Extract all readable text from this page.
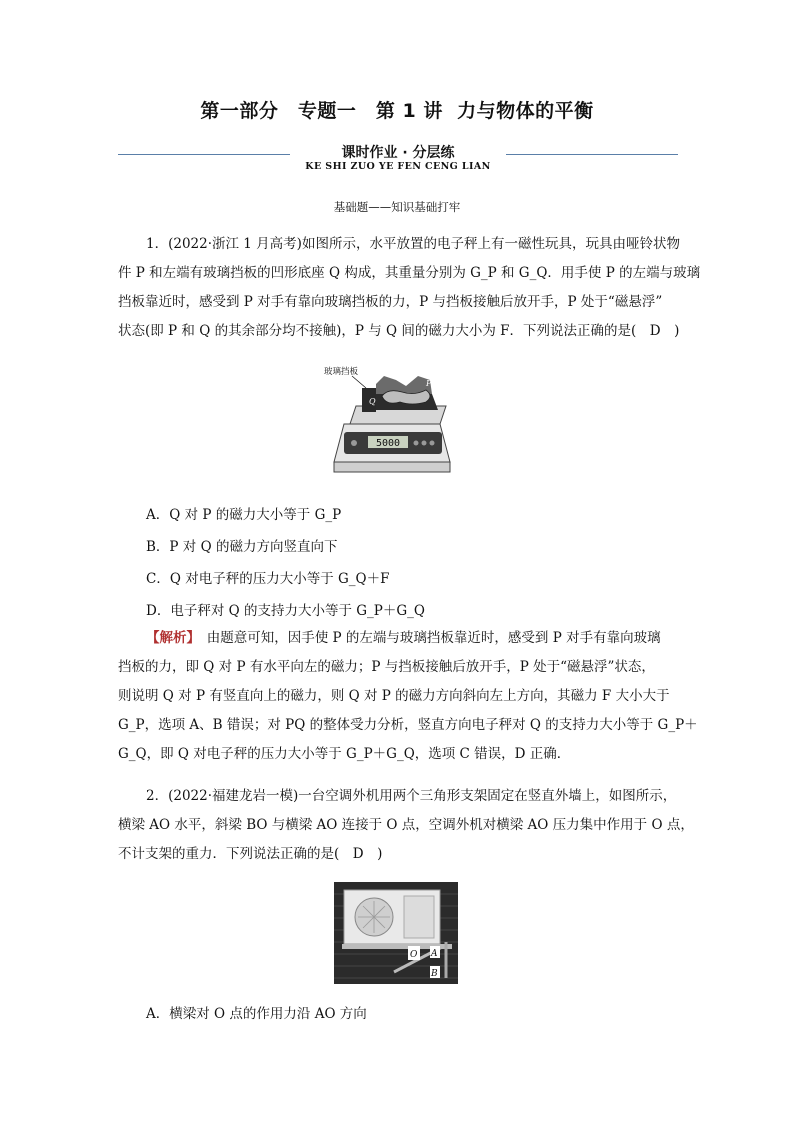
第一部分　专题一　第 1 讲  力与物体的平衡
课时作业 · 分层练
KE SHI ZUO YE FEN CENG LIAN
基础题——知识基础打牢

1．(2022·浙江 1 月高考)如图所示，水平放置的电子秤上有一磁性玩具，玩具由哑铃状物

件 P 和左端有玻璃挡板的凹形底座 Q 构成，其重量分别为 G_P 和 G_Q．用手使 P 的左端与玻璃

挡板靠近时，感受到 P 对手有靠向玻璃挡板的力，P 与挡板接触后放开手，P 处于“磁悬浮”

状态(即 P 和 Q 的其余部分均不接触)，P 与 Q 间的磁力大小为 F．下列说法正确的是(　D　)

5000
Q
P
玻璃挡板
A．Q 对 P 的磁力大小等于 G_P
B．P 对 Q 的磁力方向竖直向下
C．Q 对电子秤的压力大小等于 G_Q＋F
D．电子秤对 Q 的支持力大小等于 G_P＋G_Q

【解析】　由题意可知，因手使 P 的左端与玻璃挡板靠近时，感受到 P 对手有靠向玻璃

挡板的力，即 Q 对 P 有水平向左的磁力；P 与挡板接触后放开手，P 处于“磁悬浮”状态，

则说明 Q 对 P 有竖直向上的磁力，则 Q 对 P 的磁力方向斜向左上方向，其磁力 F 大小大于

G_P，选项 A、B 错误；对 PQ 的整体受力分析，竖直方向电子秤对 Q 的支持力大小等于 G_P＋

G_Q，即 Q 对电子秤的压力大小等于 G_P＋G_Q，选项 C 错误，D 正确．

2．(2022·福建龙岩一模)一台空调外机用两个三角形支架固定在竖直外墙上，如图所示，

横梁 AO 水平，斜梁 BO 与横梁 AO 连接于 O 点，空调外机对横梁 AO 压力集中作用于 O 点，

不计支架的重力．下列说法正确的是(　D　)

O A
B
A．横梁对 O 点的作用力沿 AO 方向
